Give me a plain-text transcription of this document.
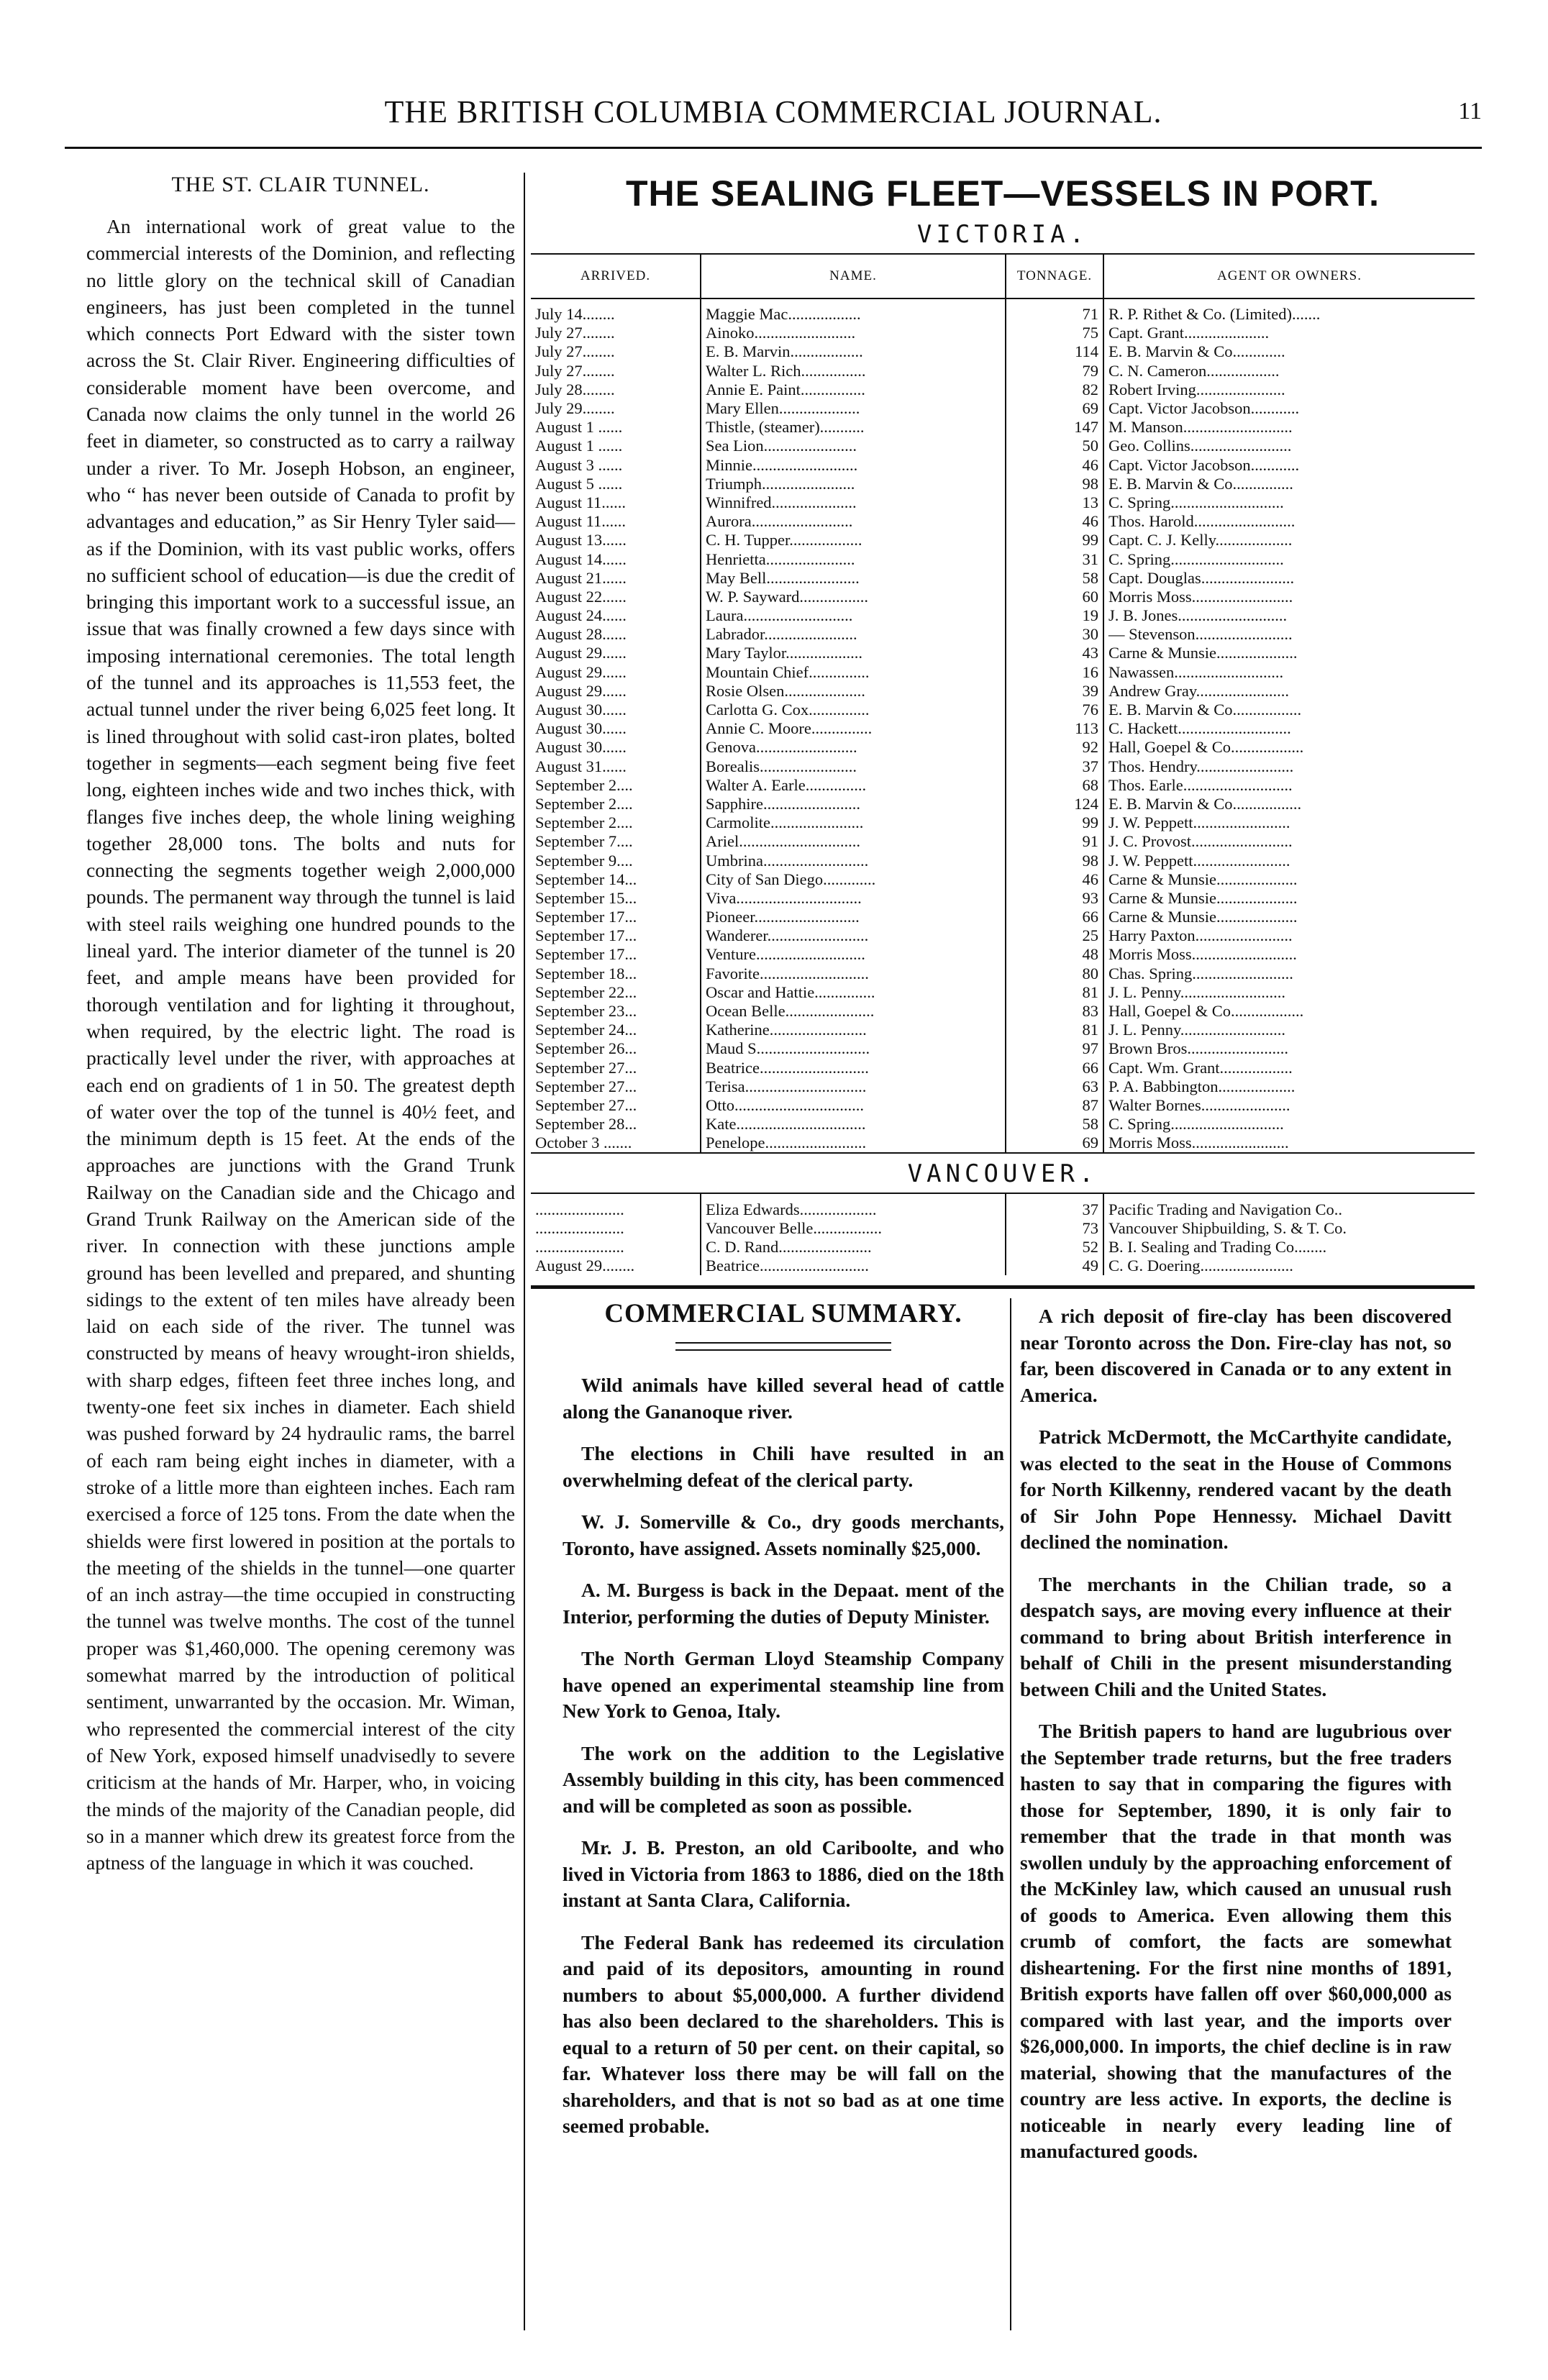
THE BRITISH COLUMBIA COMMERCIAL JOURNAL.	11
THE ST. CLAIR TUNNEL.

An international work of great value to the commercial interests of the Dominion, and reflecting no little glory on the technical skill of Canadian engineers, has just been completed in the tunnel which connects Port Edward with the sister town across the St. Clair River. Engineering difficulties of considerable moment have been overcome, and Canada now claims the only tunnel in the world 26 feet in diameter, so constructed as to carry a railway under a river. To Mr. Joseph Hobson, an engineer, who “ has never been outside of Canada to profit by advantages and education,” as Sir Henry Tyler said—as if the Dominion, with its vast public works, offers no sufficient school of education—is due the credit of bringing this important work to a successful issue, an issue that was finally crowned a few days since with imposing international ceremonies. The total length of the tunnel and its approaches is 11,553 feet, the actual tunnel under the river being 6,025 feet long. It is lined throughout with solid cast-iron plates, bolted together in segments—each segment being five feet long, eighteen inches wide and two inches thick, with flanges five inches deep, the whole lining weighing together 28,000 tons. The bolts and nuts for connecting the segments together weigh 2,000,000 pounds. The permanent way through the tunnel is laid with steel rails weighing one hundred pounds to the lineal yard. The interior diameter of the tunnel is 20 feet, and ample means have been provided for thorough ventilation and for lighting it throughout, when required, by the electric light. The road is practically level under the river, with approaches at each end on gradients of 1 in 50. The greatest depth of water over the top of the tunnel is 40½ feet, and the minimum depth is 15 feet. At the ends of the approaches are junctions with the Grand Trunk Railway on the Canadian side and the Chicago and Grand Trunk Railway on the American side of the river. In connection with these junctions ample ground has been levelled and prepared, and shunting sidings to the extent of ten miles have already been laid on each side of the river. The tunnel was constructed by means of heavy wrought-iron shields, with sharp edges, fifteen feet three inches long, and twenty-one feet six inches in diameter. Each shield was pushed forward by 24 hydraulic rams, the barrel of each ram being eight inches in diameter, with a stroke of a little more than eighteen inches. Each ram exercised a force of 125 tons. From the date when the shields were first lowered in position at the portals to the meeting of the shields in the tunnel—one quarter of an inch astray—the time occupied in constructing the tunnel was twelve months. The cost of the tunnel proper was $1,460,000. The opening ceremony was somewhat marred by the introduction of political sentiment, unwarranted by the occasion. Mr. Wiman, who represented the commercial interest of the city of New York, exposed himself unadvisedly to severe criticism at the hands of Mr. Harper, who, in voicing the minds of the majority of the Canadian people, did so in a manner which drew its greatest force from the aptness of the language in which it was couched.

THE SEALING FLEET—VESSELS IN PORT.
VICTORIA.
ARRIVED.	NAME.	TONNAGE.	AGENT OR OWNERS.
July 14........	Maggie Mac..................	71	R. P. Rithet & Co. (Limited).......
July 27........	Ainoko.........................	75	Capt. Grant.....................
July 27........	E. B. Marvin..................	114	E. B. Marvin & Co.............
July 27........	Walter L. Rich................	79	C. N. Cameron..................
July 28........	Annie E. Paint................	82	Robert Irving......................
July 29........	Mary Ellen....................	69	Capt. Victor Jacobson............
August 1 ......	Thistle, (steamer)...........	147	M. Manson...........................
August 1 ......	Sea Lion.......................	50	Geo. Collins.........................
August 3 ......	Minnie..........................	46	Capt. Victor Jacobson............
August 5 ......	Triumph.......................	98	E. B. Marvin & Co...............
August 11......	Winnifred.....................	13	C. Spring............................
August 11......	Aurora.........................	46	Thos. Harold.........................
August 13......	C. H. Tupper..................	99	Capt. C. J. Kelly...................
August 14......	Henrietta......................	31	C. Spring............................
August 21......	May Bell.......................	58	Capt. Douglas.......................
August 22......	W. P. Sayward.................	60	Morris Moss.........................
August 24......	Laura...........................	19	J. B. Jones...........................
August 28......	Labrador.......................	30	— Stevenson........................
August 29......	Mary Taylor...................	43	Carne & Munsie....................
August 29......	Mountain Chief...............	16	Nawassen...........................
August 29......	Rosie Olsen....................	39	Andrew Gray.......................
August 30......	Carlotta G. Cox...............	76	E. B. Marvin & Co.................
August 30......	Annie C. Moore...............	113	C. Hackett............................
August 30......	Genova.........................	92	Hall, Goepel & Co..................
August 31......	Borealis........................	37	Thos. Hendry........................
September 2....	Walter A. Earle...............	68	Thos. Earle...........................
September 2....	Sapphire........................	124	E. B. Marvin & Co.................
September 2....	Carmolite.......................	99	J. W. Peppett........................
September 7....	Ariel..............................	91	J. C. Provost.........................
September 9....	Umbrina..........................	98	J. W. Peppett........................
September 14...	City of San Diego.............	46	Carne & Munsie....................
September 15...	Viva...............................	93	Carne & Munsie....................
September 17...	Pioneer..........................	66	Carne & Munsie....................
September 17...	Wanderer.........................	25	Harry Paxton........................
September 17...	Venture...........................	48	Morris Moss..........................
September 18...	Favorite...........................	80	Chas. Spring.........................
September 22...	Oscar and Hattie...............	81	J. L. Penny..........................
September 23...	Ocean Belle......................	83	Hall, Goepel & Co..................
September 24...	Katherine........................	81	J. L. Penny..........................
September 26...	Maud S............................	97	Brown Bros.........................
September 27...	Beatrice...........................	66	Capt. Wm. Grant..................
September 27...	Terisa..............................	63	P. A. Babbington...................
September 27...	Otto................................	87	Walter Bornes......................
September 28...	Kate................................	58	C. Spring............................
October 3 .......	Penelope.........................	69	Morris Moss........................
VANCOUVER.
......................	Eliza Edwards...................	37	Pacific Trading and Navigation Co..
......................	Vancouver Belle.................	73	Vancouver Shipbuilding, S. & T. Co.
......................	C. D. Rand.......................	52	B. I. Sealing and Trading Co........
August 29........	Beatrice...........................	49	C. G. Doering.......................
COMMERCIAL SUMMARY.

Wild animals have killed several head of cattle along the Gananoque river.

The elections in Chili have resulted in an overwhelming defeat of the clerical party.

W. J. Somerville & Co., dry goods merchants, Toronto, have assigned. Assets nominally $25,000.

A. M. Burgess is back in the Depaat. ment of the Interior, performing the duties of Deputy Minister.

The North German Lloyd Steamship Company have opened an experimental steamship line from New York to Genoa, Italy.

The work on the addition to the Legislative Assembly building in this city, has been commenced and will be completed as soon as possible.

Mr. J. B. Preston, an old Cariboolte, and who lived in Victoria from 1863 to 1886, died on the 18th instant at Santa Clara, California.

The Federal Bank has redeemed its circulation and paid of its depositors, amounting in round numbers to about $5,000,000. A further dividend has also been declared to the shareholders. This is equal to a return of 50 per cent. on their capital, so far. Whatever loss there may be will fall on the shareholders, and that is not so bad as at one time seemed probable.

A rich deposit of fire-clay has been discovered near Toronto across the Don. Fire-clay has not, so far, been discovered in Canada or to any extent in America.

Patrick McDermott, the McCarthyite candidate, was elected to the seat in the House of Commons for North Kilkenny, rendered vacant by the death of Sir John Pope Hennessy. Michael Davitt declined the nomination.

The merchants in the Chilian trade, so a despatch says, are moving every influence at their command to bring about British interference in behalf of Chili in the present misunderstanding between Chili and the United States.

The British papers to hand are lugubrious over the September trade returns, but the free traders hasten to say that in comparing the figures with those for September, 1890, it is only fair to remember that the trade in that month was swollen unduly by the approaching enforcement of the McKinley law, which caused an unusual rush of goods to America. Even allowing them this crumb of comfort, the facts are somewhat disheartening. For the first nine months of 1891, British exports have fallen off over $60,000,000 as compared with last year, and the imports over $26,000,000. In imports, the chief decline is in raw material, showing that the manufactures of the country are less active. In exports, the decline is noticeable in nearly every leading line of manufactured goods.
